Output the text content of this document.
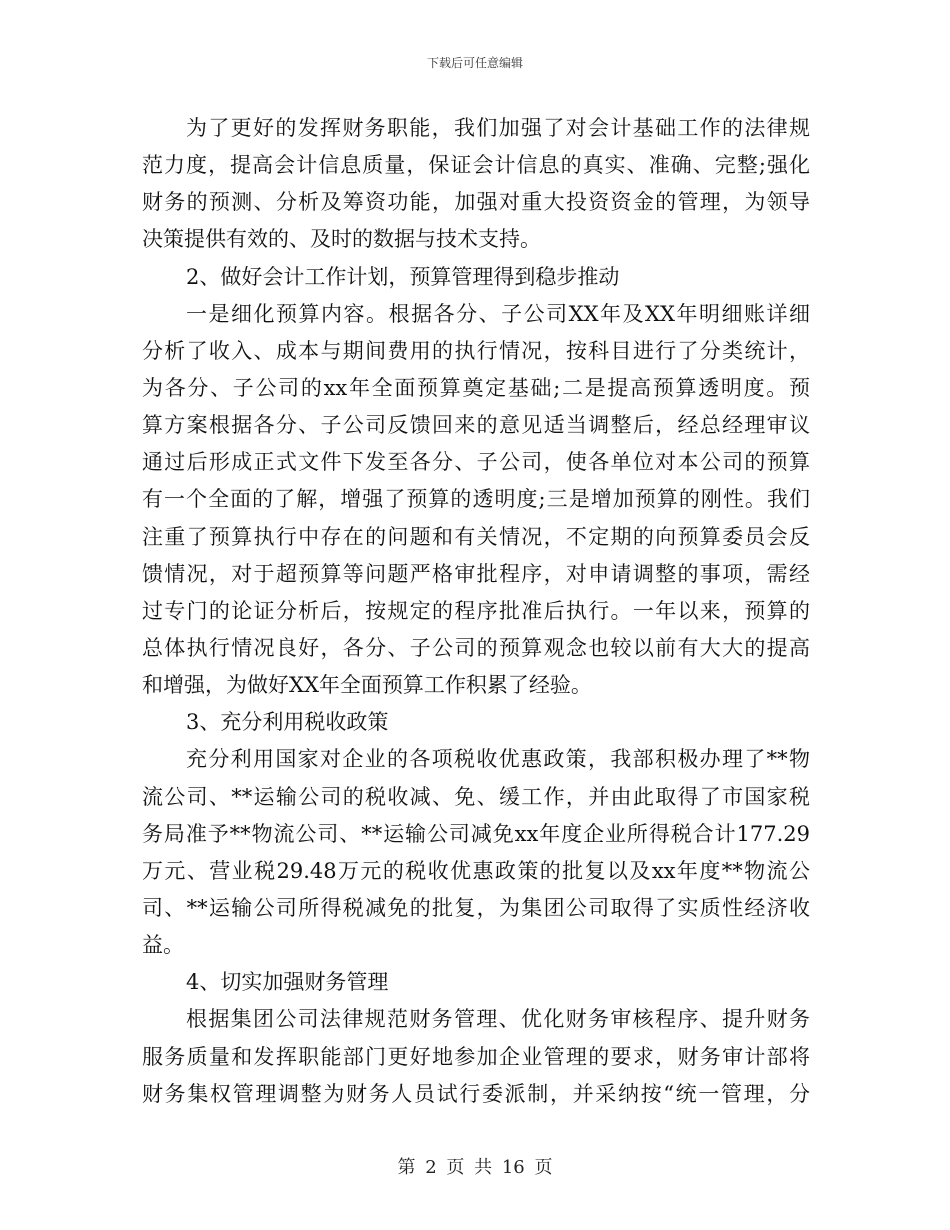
下载后可任意编辑
为了更好的发挥财务职能，我们加强了对会计基础工作的法律规
范力度，提高会计信息质量，保证会计信息的真实、准确、完整;强化
财务的预测、分析及筹资功能，加强对重大投资资金的管理，为领导
决策提供有效的、及时的数据与技术支持。
2、做好会计工作计划，预算管理得到稳步推动
一是细化预算内容。根据各分、子公司XX年及XX年明细账详细
分析了收入、成本与期间费用的执行情况，按科目进行了分类统计，
为各分、子公司的xx年全面预算奠定基础;二是提高预算透明度。预
算方案根据各分、子公司反馈回来的意见适当调整后，经总经理审议
通过后形成正式文件下发至各分、子公司，使各单位对本公司的预算
有一个全面的了解，增强了预算的透明度;三是增加预算的刚性。我们
注重了预算执行中存在的问题和有关情况，不定期的向预算委员会反
馈情况，对于超预算等问题严格审批程序，对申请调整的事项，需经
过专门的论证分析后，按规定的程序批准后执行。一年以来，预算的
总体执行情况良好，各分、子公司的预算观念也较以前有大大的提高
和增强，为做好XX年全面预算工作积累了经验。
3、充分利用税收政策
充分利用国家对企业的各项税收优惠政策，我部积极办理了**物
流公司、**运输公司的税收减、免、缓工作，并由此取得了市国家税
务局准予**物流公司、**运输公司减免xx年度企业所得税合计177.29
万元、营业税29.48万元的税收优惠政策的批复以及xx年度**物流公
司、**运输公司所得税减免的批复，为集团公司取得了实质性经济收
益。
4、切实加强财务管理
根据集团公司法律规范财务管理、优化财务审核程序、提升财务
服务质量和发挥职能部门更好地参加企业管理的要求，财务审计部将
财务集权管理调整为财务人员试行委派制，并采纳按“统一管理，分
第 2 页 共 16 页
